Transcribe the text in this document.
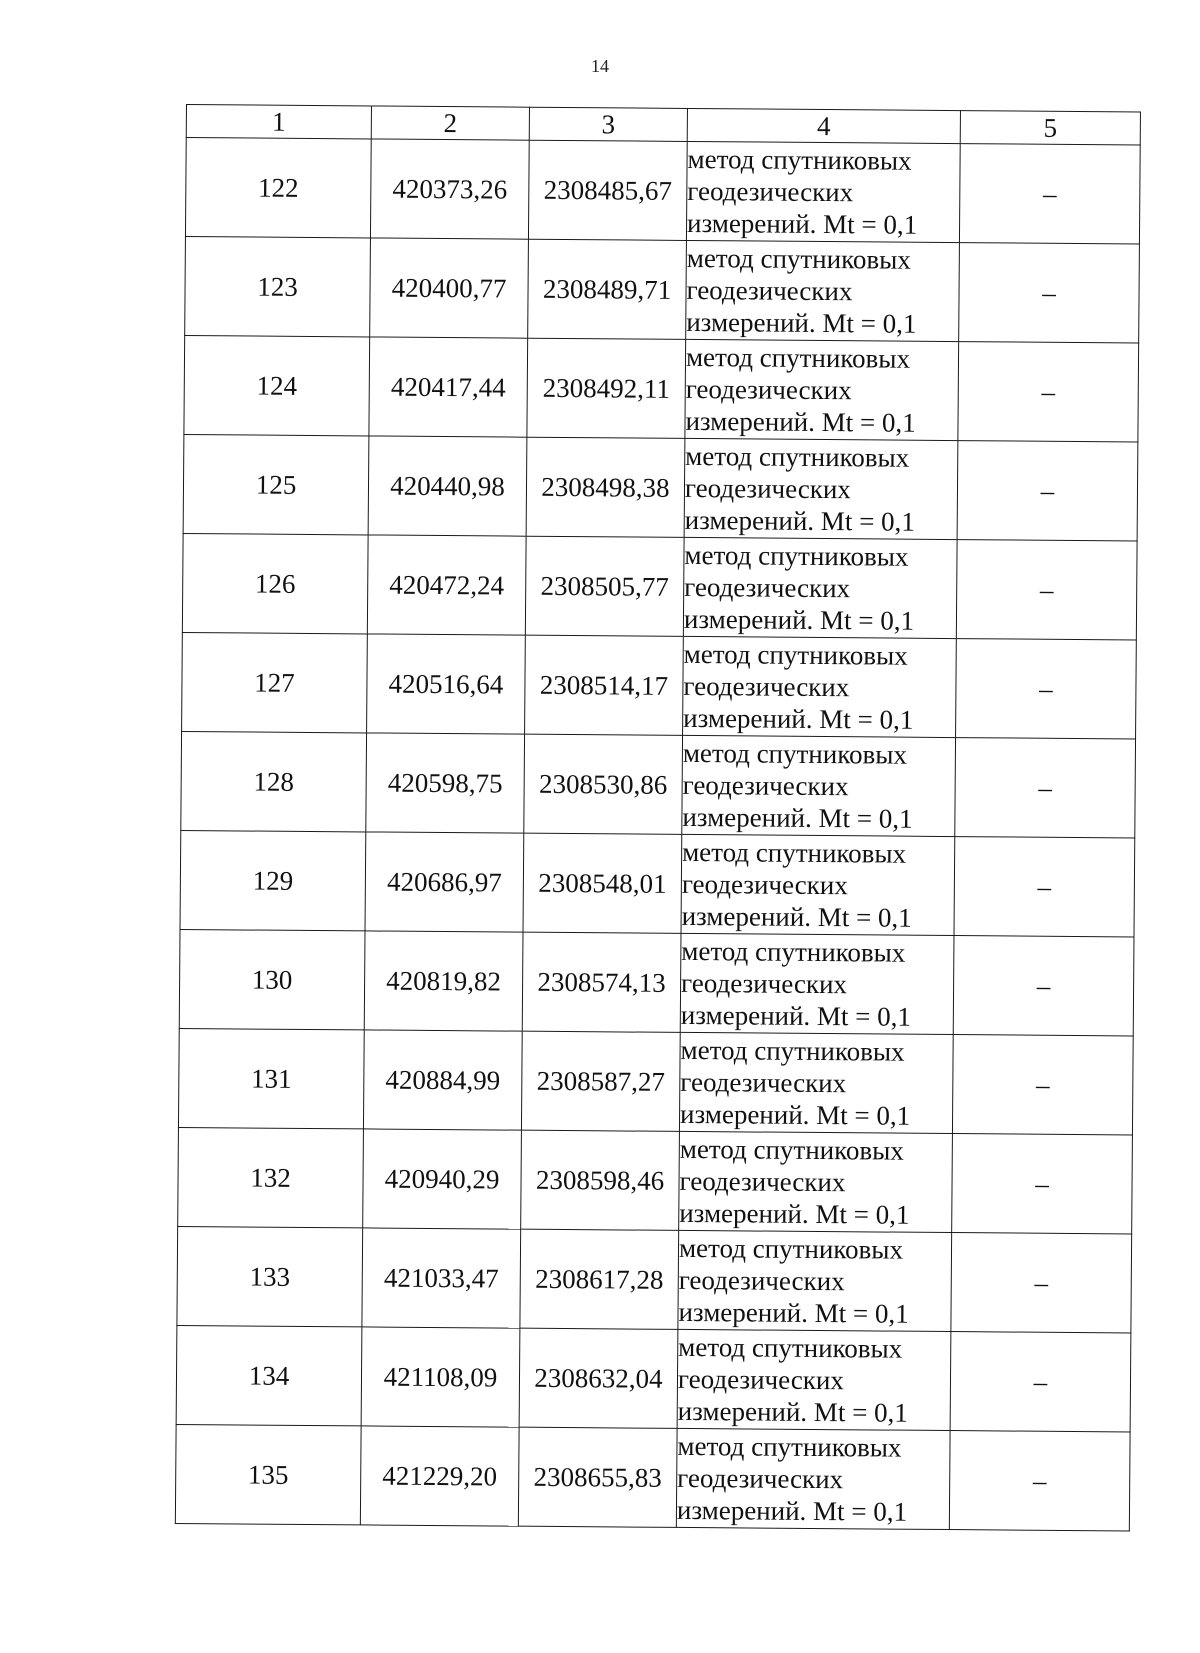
14
1	2	3	4	5
122	420373,26	2308485,67	метод спутниковых
геодезических
измерений. Mt = 0,1	–
123	420400,77	2308489,71	метод спутниковых
геодезических
измерений. Mt = 0,1	–
124	420417,44	2308492,11	метод спутниковых
геодезических
измерений. Mt = 0,1	–
125	420440,98	2308498,38	метод спутниковых
геодезических
измерений. Mt = 0,1	–
126	420472,24	2308505,77	метод спутниковых
геодезических
измерений. Mt = 0,1	–
127	420516,64	2308514,17	метод спутниковых
геодезических
измерений. Mt = 0,1	–
128	420598,75	2308530,86	метод спутниковых
геодезических
измерений. Mt = 0,1	–
129	420686,97	2308548,01	метод спутниковых
геодезических
измерений. Mt = 0,1	–
130	420819,82	2308574,13	метод спутниковых
геодезических
измерений. Mt = 0,1	–
131	420884,99	2308587,27	метод спутниковых
геодезических
измерений. Mt = 0,1	–
132	420940,29	2308598,46	метод спутниковых
геодезических
измерений. Mt = 0,1	–
133	421033,47	2308617,28	метод спутниковых
геодезических
измерений. Mt = 0,1	–
134	421108,09	2308632,04	метод спутниковых
геодезических
измерений. Mt = 0,1	–
135	421229,20	2308655,83	метод спутниковых
геодезических
измерений. Mt = 0,1	–
